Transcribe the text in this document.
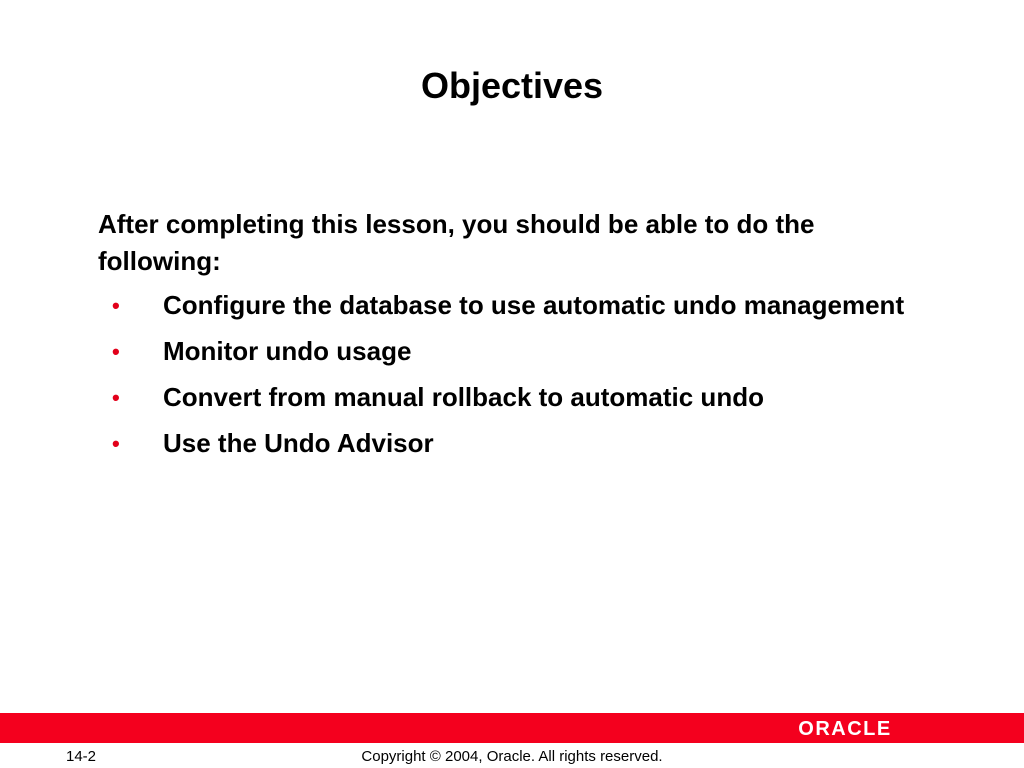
Objectives
After completing this lesson, you should be able to do the following:
• Configure the database to use automatic undo management
• Monitor undo usage
• Convert from manual rollback to automatic undo
• Use the Undo Advisor
ORACLE
14-2	Copyright © 2004, Oracle. All rights reserved.
